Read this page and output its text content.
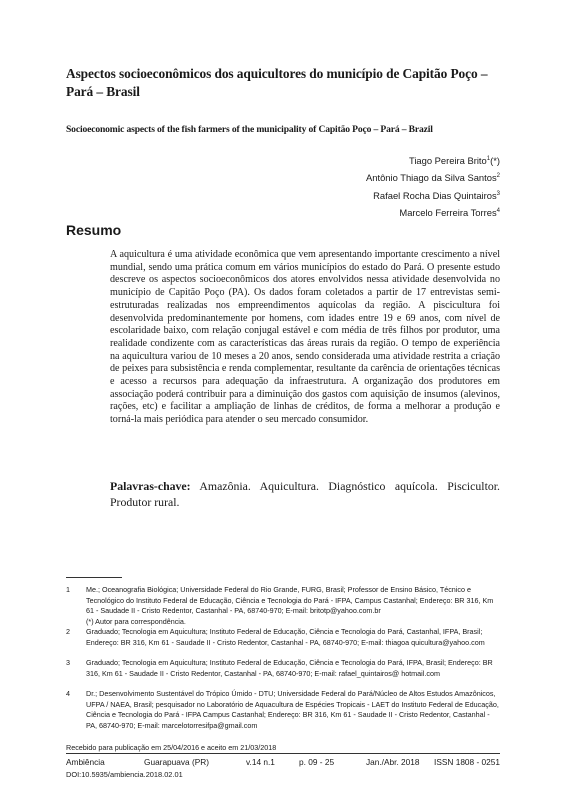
Aspectos socioeconômicos dos aquicultores do município de Capitão Poço – Pará – Brasil
Socioeconomic aspects of the fish farmers of the municipality of Capitão Poço – Pará – Brazil
Tiago Pereira Brito$^1$(*)
Antônio Thiago da Silva Santos$^2$
Rafael Rocha Dias Quintairos$^3$
Marcelo Ferreira Torres$^4$
Resumo

A aquicultura é uma atividade econômica que vem apresentando importante crescimento a nível mundial, sendo uma prática comum em vários municípios do estado do Pará. O presente estudo descreve os aspectos socioeconômicos dos atores envolvidos nessa atividade desenvolvida no município de Capitão Poço (PA). Os dados foram coletados a partir de 17 entrevistas semi-estruturadas realizadas nos empreendimentos aquícolas da região. A piscicultura foi desenvolvida predominantemente por homens, com idades entre 19 e 69 anos, com nível de escolaridade baixo, com relação conjugal estável e com média de três filhos por produtor, uma realidade condizente com as características das áreas rurais da região. O tempo de experiência na aquicultura variou de 10 meses a 20 anos, sendo considerada uma atividade restrita a criação de peixes para subsistência e renda complementar, resultante da carência de orientações técnicas e acesso a recursos para adequação da infraestrutura. A organização dos produtores em associação poderá contribuir para a diminuição dos gastos com aquisição de insumos (alevinos, rações, etc) e facilitar a ampliação de linhas de créditos, de forma a melhorar a produção e torná-la mais periódica para atender o seu mercado consumidor.

Palavras-chave: Amazônia. Aquicultura. Diagnóstico aquícola. Piscicultor. Produtor rural.

1 Me.; Oceanografia Biológica; Universidade Federal do Rio Grande, FURG, Brasil; Professor de Ensino Básico, Técnico e Tecnológico do Instituto Federal de Educação, Ciência e Tecnologia do Pará - IFPA, Campus Castanhal; Endereço: BR 316, Km 61 - Saudade II - Cristo Redentor, Castanhal - PA, 68740-970; E-mail: britotp@yahoo.com.br
(*) Autor para correspondência.
2 Graduado; Tecnologia em Aquicultura; Instituto Federal de Educação, Ciência e Tecnologia do Pará, Castanhal, IFPA, Brasil; Endereço: BR 316, Km 61 - Saudade II - Cristo Redentor, Castanhal - PA, 68740-970; E-mail: thiagoa quicultura@yahoo.com
3 Graduado; Tecnologia em Aquicultura; Instituto Federal de Educação, Ciência e Tecnologia do Pará, IFPA, Brasil; Endereço: BR 316, Km 61 - Saudade II - Cristo Redentor, Castanhal - PA, 68740-970; E-mail: rafael_quintairos@ hotmail.com
4 Dr.; Desenvolvimento Sustentável do Trópico Úmido - DTU; Universidade Federal do Pará/Núcleo de Altos Estudos Amazônicos, UFPA / NAEA, Brasil; pesquisador no Laboratório de Aquacultura de Espécies Tropicais - LAET do Instituto Federal de Educação, Ciência e Tecnologia do Pará - IFPA Campus Castanhal; Endereço: BR 316, Km 61 - Saudade II - Cristo Redentor, Castanhal - PA, 68740-970; E-mail: marcelotorresifpa@gmail.com
Recebido para publicação em 25/04/2016 e aceito em 21/03/2018
Ambiência	Guarapuava (PR)	v.14 n.1	p. 09 - 25	Jan./Abr. 2018 ISSN 1808 - 0251
DOI:10.5935/ambiencia.2018.02.01
